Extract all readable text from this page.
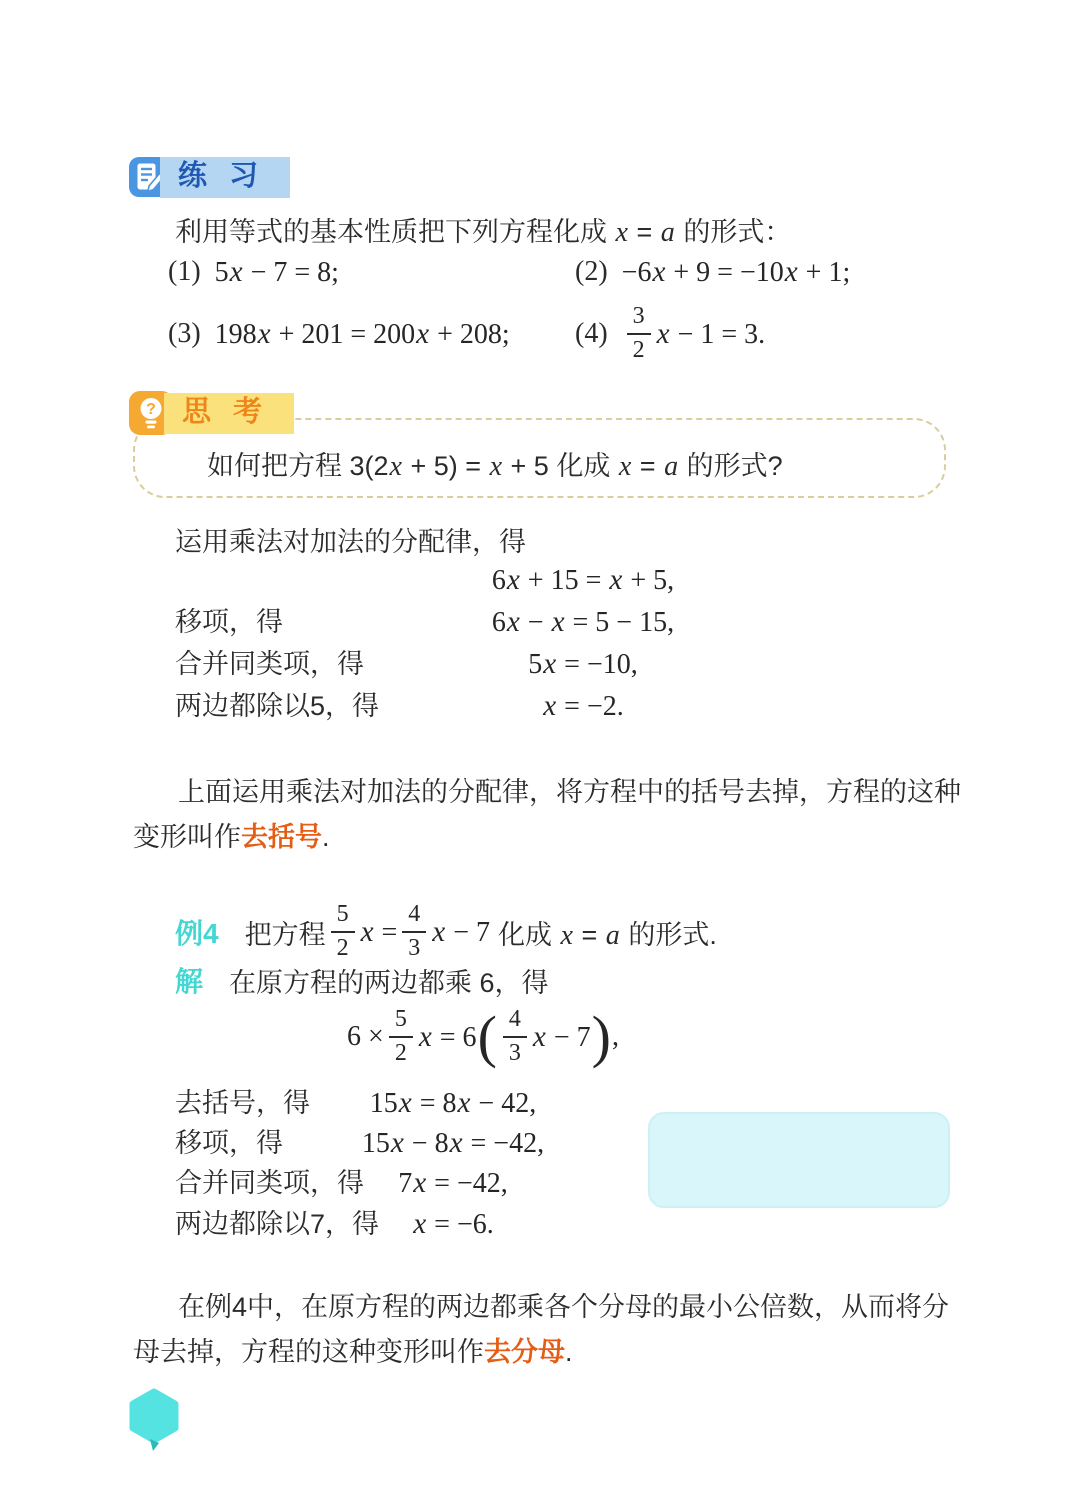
练习

利用等式的基本性质把下列方程化成 x = a 的形式：

(1) 5x − 7 = 8;	(2) −6x + 9 = −10x + 1;
(3) 198x + 201 = 200x + 208; $(4) \frac{3}{2}$ x − 1 = 3.
如何把方程 3(2x + 5) = x + 5 化成 x = a 的形式?
? 思考

运用乘法对加法的分配律，得

6x + 15 = x + 5,
移项，得	6x − x = 5 − 15,
合并同类项，得	5x = −10,
两边都除以5，得	x = −2.

上面运用乘法对加法的分配律，将方程中的括号去掉，方程的这种变形叫作去括号.

例4 把方程 $\frac{5}{2}$ $x = \frac{4}{3}$ x − 7 化成 x = a 的形式.
解 在原方程的两边都乘 6，得
$6 \times \frac{5}{2}$ x = 6 ( $\frac{4}{3}$ x − 7 ) ,
去括号，得	15x = 8x − 42,
移项，得	15x − 8x = −42,
合并同类项，得	7x = −42,
两边都除以7，得	x = −6.

在例4中，在原方程的两边都乘各个分母的最小公倍数，从而将分母去掉，方程的这种变形叫作去分母.
